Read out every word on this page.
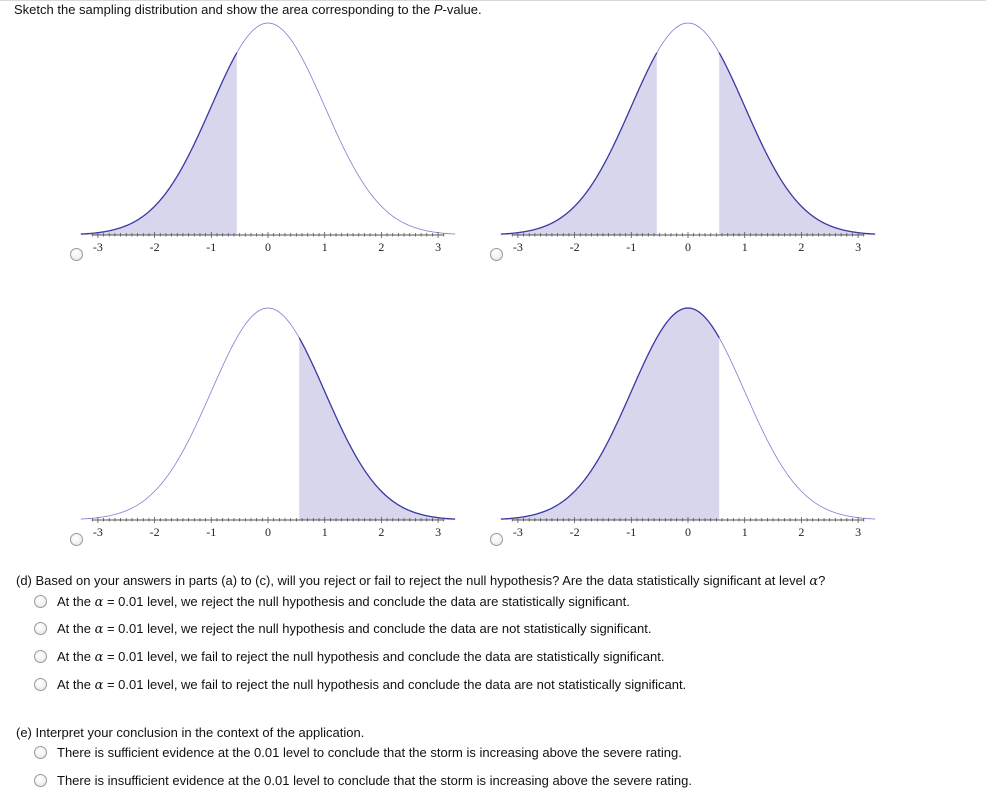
Sketch the sampling distribution and show the area corresponding to the P-value.
-3	-2	-1	0	1	2	3	-3	-2	-1	0	1	2	3
-3	-2	-1	0	1	2	3	-3	-2	-1	0	1	2	3
(d) Based on your answers in parts (a) to (c), will you reject or fail to reject the null hypothesis? Are the data statistically significant at level α?
At the α = 0.01 level, we reject the null hypothesis and conclude the data are statistically significant.
At the α = 0.01 level, we reject the null hypothesis and conclude the data are not statistically significant.
At the α = 0.01 level, we fail to reject the null hypothesis and conclude the data are statistically significant.
At the α = 0.01 level, we fail to reject the null hypothesis and conclude the data are not statistically significant.
(e) Interpret your conclusion in the context of the application.
There is sufficient evidence at the 0.01 level to conclude that the storm is increasing above the severe rating.
There is insufficient evidence at the 0.01 level to conclude that the storm is increasing above the severe rating.
